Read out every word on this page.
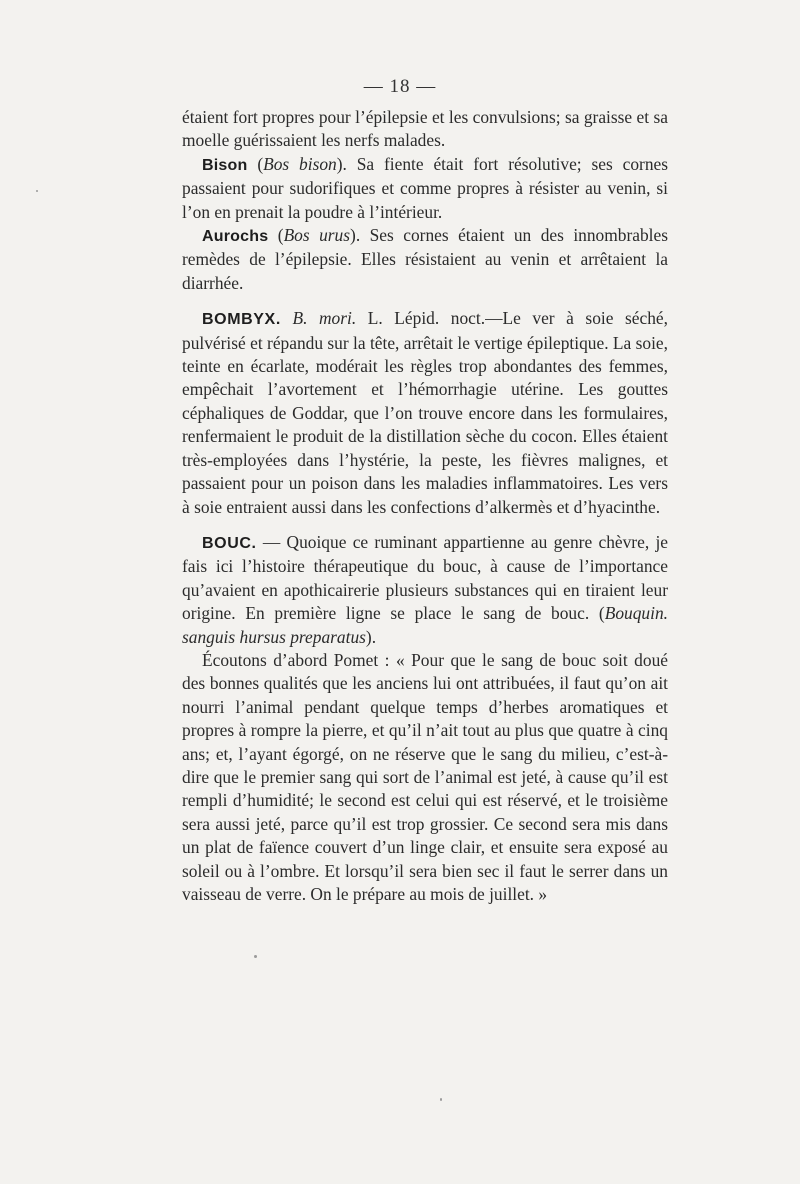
— 18 —

étaient fort propres pour l’épilepsie et les convulsions; sa graisse et sa moelle guérissaient les nerfs malades.

Bison (Bos bison). Sa fiente était fort résolutive; ses cornes passaient pour sudorifiques et comme propres à résister au venin, si l’on en prenait la poudre à l’intérieur.

Aurochs (Bos urus). Ses cornes étaient un des innombrables remèdes de l’épilepsie. Elles résistaient au venin et arrêtaient la diarrhée.

BOMBYX. B. mori. L. Lépid. noct.—Le ver à soie séché, pulvérisé et répandu sur la tête, arrêtait le vertige épileptique. La soie, teinte en écarlate, modérait les règles trop abondantes des femmes, empêchait l’avortement et l’hémorrhagie utérine. Les gouttes céphaliques de Goddar, que l’on trouve encore dans les formulaires, renfermaient le produit de la distillation sèche du cocon. Elles étaient très-employées dans l’hystérie, la peste, les fièvres malignes, et passaient pour un poison dans les maladies inflammatoires. Les vers à soie entraient aussi dans les confections d’alkermès et d’hyacinthe.

BOUC. — Quoique ce ruminant appartienne au genre chèvre, je fais ici l’histoire thérapeutique du bouc, à cause de l’importance qu’avaient en apothicairerie plusieurs substances qui en tiraient leur origine. En première ligne se place le sang de bouc. (Bouquin. sanguis hursus preparatus).

Écoutons d’abord Pomet : « Pour que le sang de bouc soit doué des bonnes qualités que les anciens lui ont attribuées, il faut qu’on ait nourri l’animal pendant quelque temps d’herbes aromatiques et propres à rompre la pierre, et qu’il n’ait tout au plus que quatre à cinq ans; et, l’ayant égorgé, on ne réserve que le sang du milieu, c’est-à-dire que le premier sang qui sort de l’animal est jeté, à cause qu’il est rempli d’humidité; le second est celui qui est réservé, et le troisième sera aussi jeté, parce qu’il est trop grossier. Ce second sera mis dans un plat de faïence couvert d’un linge clair, et ensuite sera exposé au soleil ou à l’ombre. Et lorsqu’il sera bien sec il faut le serrer dans un vaisseau de verre. On le prépare au mois de juillet. »
